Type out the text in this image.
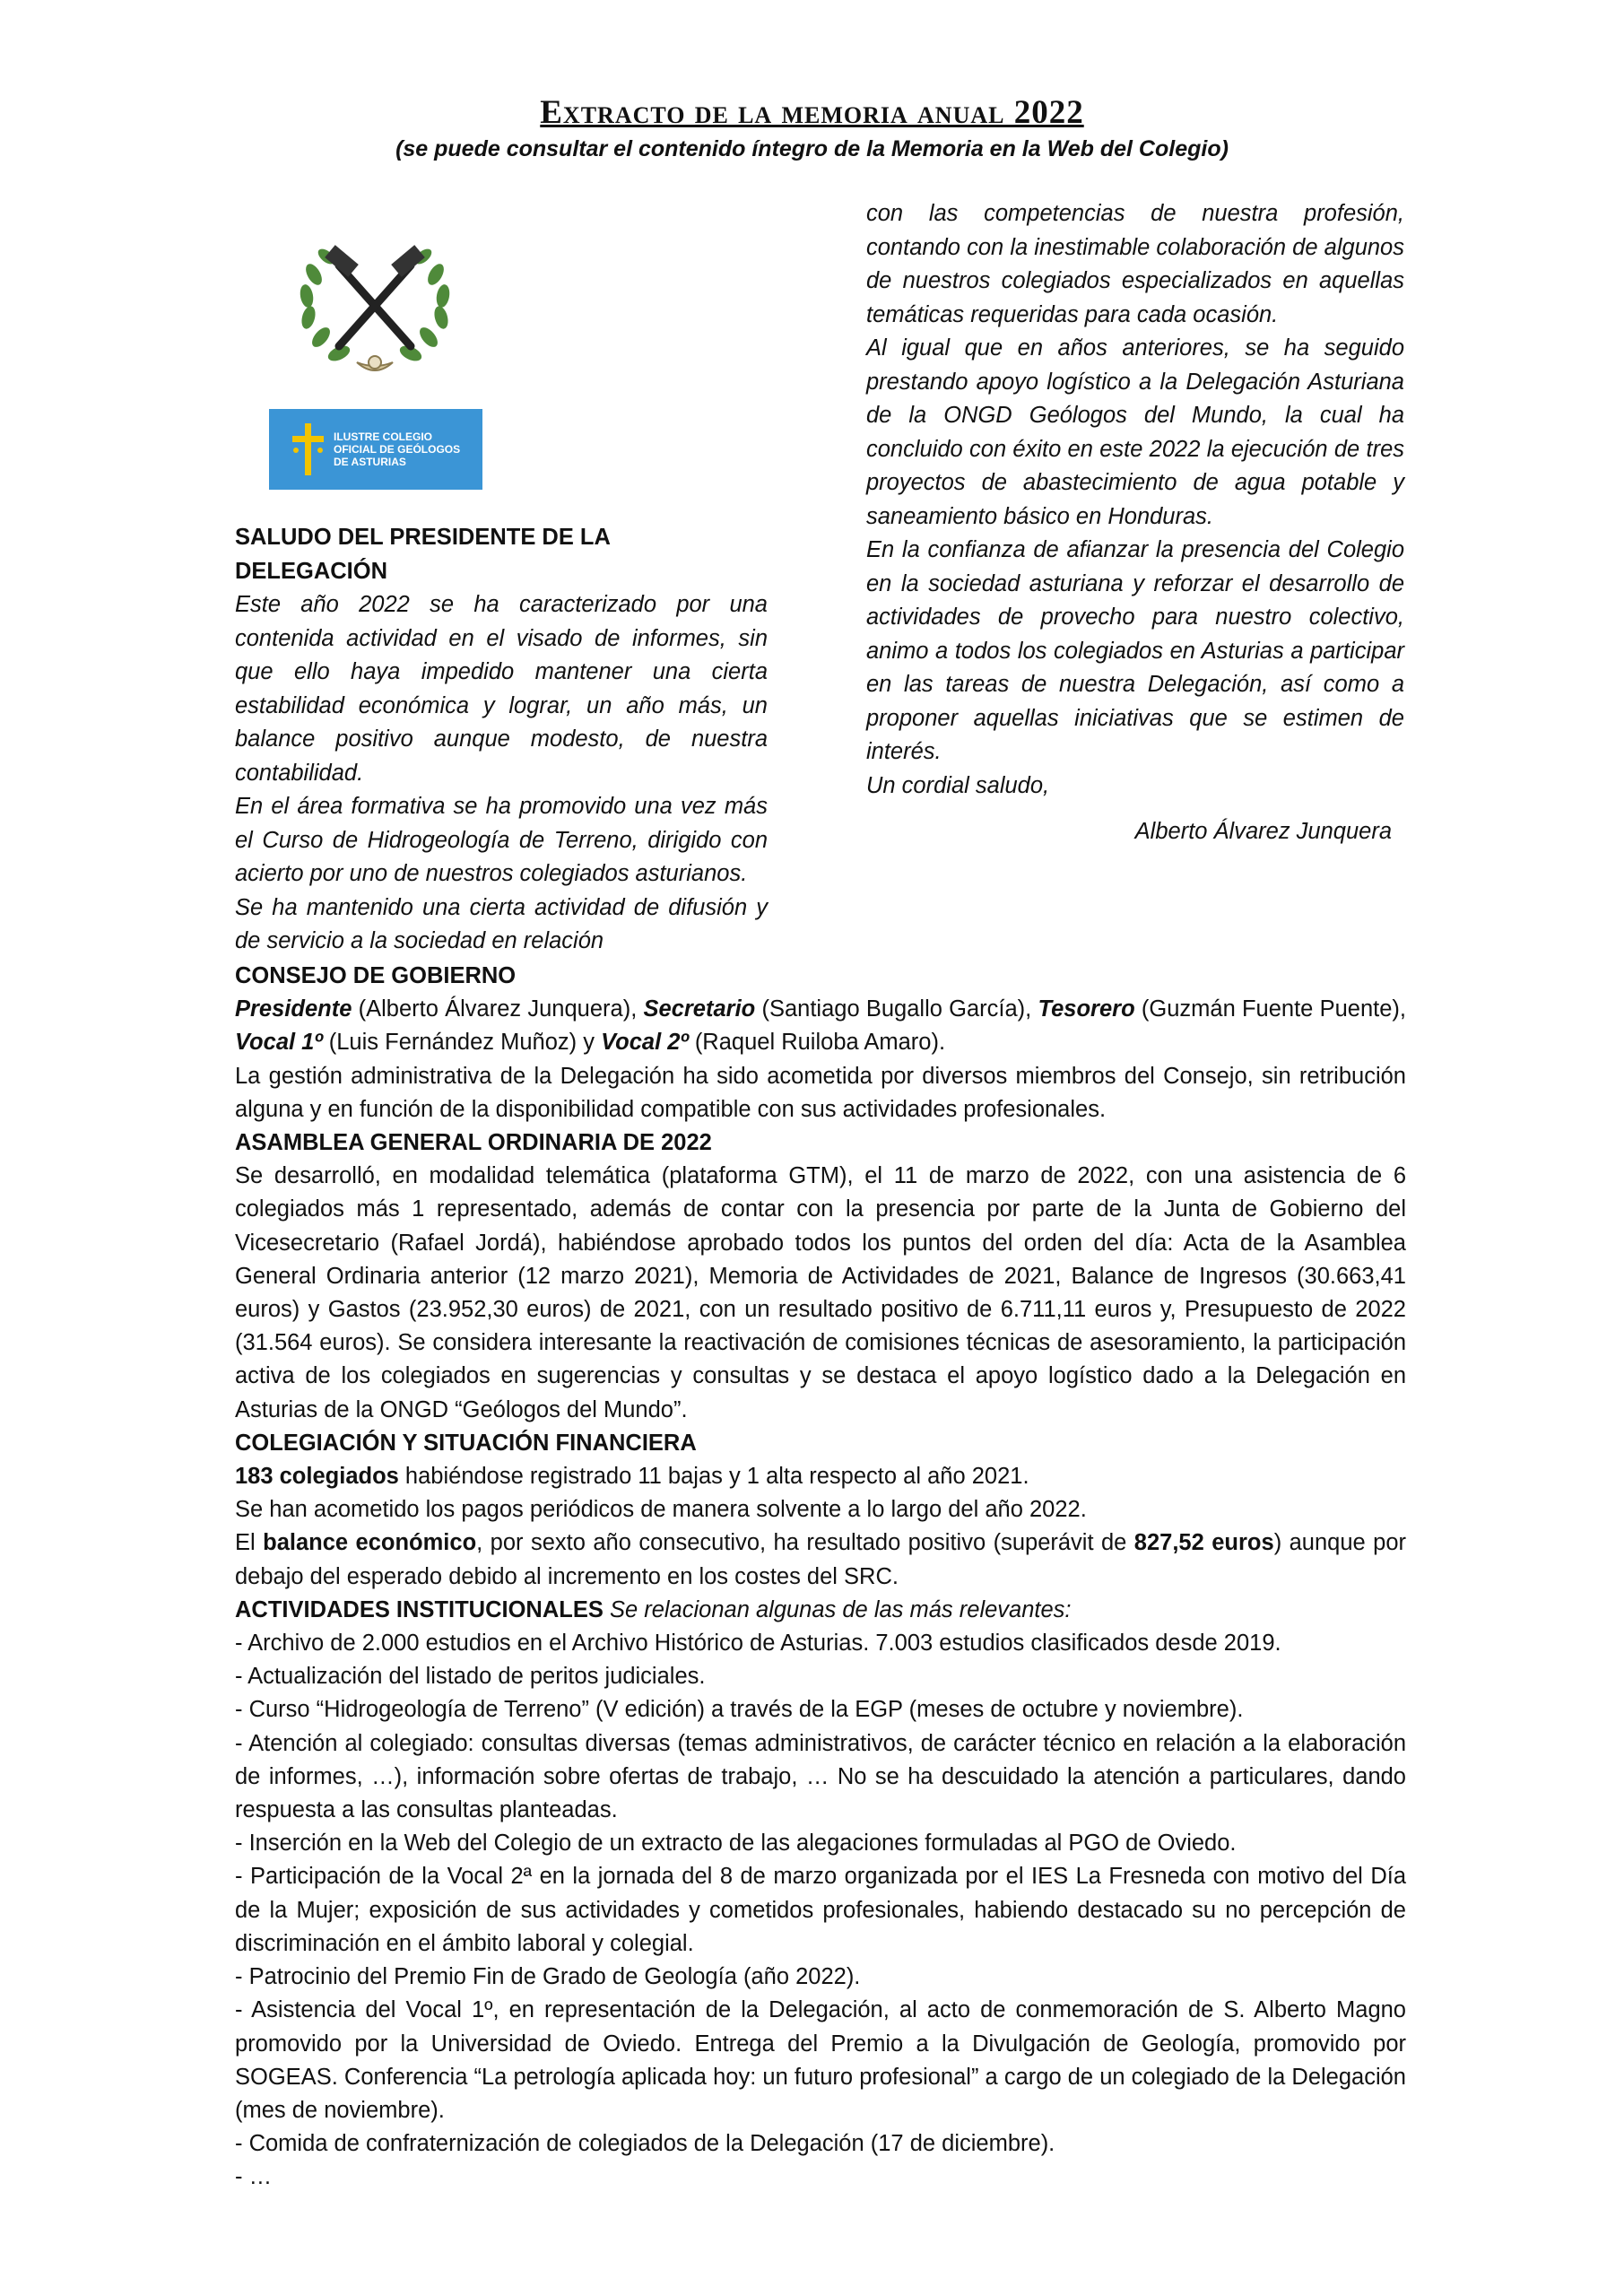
Extracto de la memoria anual 2022
(se puede consultar el contenido íntegro de la Memoria en la Web del Colegio)
ILUSTRE COLEGIO
OFICIAL DE GEÓLOGOS
DE ASTURIAS

SALUDO DEL PRESIDENTE DE LA DELEGACIÓN

Este año 2022 se ha caracterizado por una contenida actividad en el visado de informes, sin que ello haya impedido mantener una cierta estabilidad económica y lograr, un año más, un balance positivo aunque modesto, de nuestra contabilidad.

En el área formativa se ha promovido una vez más el Curso de Hidrogeología de Terreno, dirigido con acierto por uno de nuestros colegiados asturianos.

Se ha mantenido una cierta actividad de difusión y de servicio a la sociedad en relación

con las competencias de nuestra profesión, contando con la inestimable colaboración de algunos de nuestros colegiados especializados en aquellas temáticas requeridas para cada ocasión.

Al igual que en años anteriores, se ha seguido prestando apoyo logístico a la Delegación Asturiana de la ONGD Geólogos del Mundo, la cual ha concluido con éxito en este 2022 la ejecución de tres proyectos de abastecimiento de agua potable y saneamiento básico en Honduras.

En la confianza de afianzar la presencia del Colegio en la sociedad asturiana y reforzar el desarrollo de actividades de provecho para nuestro colectivo, animo a todos los colegiados en Asturias a participar en las tareas de nuestra Delegación, así como a proponer aquellas iniciativas que se estimen de interés.

Un cordial saludo,

Alberto Álvarez Junquera

CONSEJO DE GOBIERNO

Presidente (Alberto Álvarez Junquera), Secretario (Santiago Bugallo García), Tesorero (Guzmán Fuente Puente), Vocal 1º (Luis Fernández Muñoz) y Vocal 2º (Raquel Ruiloba Amaro).

La gestión administrativa de la Delegación ha sido acometida por diversos miembros del Consejo, sin retribución alguna y en función de la disponibilidad compatible con sus actividades profesionales.

ASAMBLEA GENERAL ORDINARIA DE 2022

Se desarrolló, en modalidad telemática (plataforma GTM), el 11 de marzo de 2022, con una asistencia de 6 colegiados más 1 representado, además de contar con la presencia por parte de la Junta de Gobierno del Vicesecretario (Rafael Jordá), habiéndose aprobado todos los puntos del orden del día: Acta de la Asamblea General Ordinaria anterior (12 marzo 2021), Memoria de Actividades de 2021, Balance de Ingresos (30.663,41 euros) y Gastos (23.952,30 euros) de 2021, con un resultado positivo de 6.711,11 euros y, Presupuesto de 2022 (31.564 euros). Se considera interesante la reactivación de comisiones técnicas de asesoramiento, la participación activa de los colegiados en sugerencias y consultas y se destaca el apoyo logístico dado a la Delegación en Asturias de la ONGD “Geólogos del Mundo”.

COLEGIACIÓN Y SITUACIÓN FINANCIERA

183 colegiados habiéndose registrado 11 bajas y 1 alta respecto al año 2021.

Se han acometido los pagos periódicos de manera solvente a lo largo del año 2022.

El balance económico, por sexto año consecutivo, ha resultado positivo (superávit de 827,52 euros) aunque por debajo del esperado debido al incremento en los costes del SRC.

ACTIVIDADES INSTITUCIONALES Se relacionan algunas de las más relevantes:

- Archivo de 2.000 estudios en el Archivo Histórico de Asturias. 7.003 estudios clasificados desde 2019.

- Actualización del listado de peritos judiciales.

- Curso “Hidrogeología de Terreno” (V edición) a través de la EGP (meses de octubre y noviembre).

- Atención al colegiado: consultas diversas (temas administrativos, de carácter técnico en relación a la elaboración de informes, …), información sobre ofertas de trabajo, … No se ha descuidado la atención a particulares, dando respuesta a las consultas planteadas.

- Inserción en la Web del Colegio de un extracto de las alegaciones formuladas al PGO de Oviedo.

- Participación de la Vocal 2ª en la jornada del 8 de marzo organizada por el IES La Fresneda con motivo del Día de la Mujer; exposición de sus actividades y cometidos profesionales, habiendo destacado su no percepción de discriminación en el ámbito laboral y colegial.

- Patrocinio del Premio Fin de Grado de Geología (año 2022).

- Asistencia del Vocal 1º, en representación de la Delegación, al acto de conmemoración de S. Alberto Magno promovido por la Universidad de Oviedo. Entrega del Premio a la Divulgación de Geología, promovido por SOGEAS. Conferencia “La petrología aplicada hoy: un futuro profesional” a cargo de un colegiado de la Delegación (mes de noviembre).

- Comida de confraternización de colegiados de la Delegación (17 de diciembre).

- …
